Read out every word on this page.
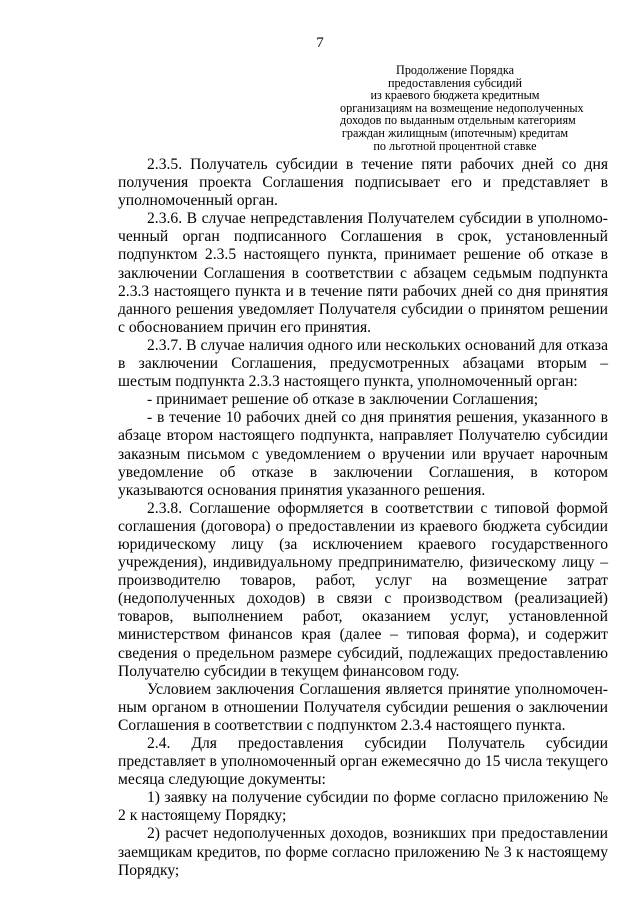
7
Продолжение Порядка
предоставления субсидий
из краевого бюджета кредитным
организациям на возмещение недополученных
доходов по выданным отдельным категориям
граждан жилищным (ипотечным) кредитам
по льготной процентной ставке

2.3.5. Получатель субсидии в течение пяти рабочих дней со дня получения проекта Соглашения подписывает его и представляет в уполномоченный орган.

2.3.6. В случае непредставления Получателем субсидии в уполномоченный орган подписанного Соглашения в срок, установленный подпунктом 2.3.5 настоящего пункта, принимает решение об отказе в заключении Соглашения в соответствии с абзацем седьмым подпункта 2.3.3 настоящего пункта и в течение пяти рабочих дней со дня принятия данного решения уведомляет Получателя субсидии о принятом решении с обоснованием причин его принятия.

2.3.7. В случае наличия одного или нескольких оснований для отказа в заключении Соглашения, предусмотренных абзацами вторым – шестым подпункта 2.3.3 настоящего пункта, уполномоченный орган:

- принимает решение об отказе в заключении Соглашения;

- в течение 10 рабочих дней со дня принятия решения, указанного в абзаце втором настоящего подпункта, направляет Получателю субсидии заказным письмом с уведомлением о вручении или вручает нарочным уведомление об отказе в заключении Соглашения, в котором указываются основания принятия указанного решения.

2.3.8. Соглашение оформляется в соответствии с типовой формой соглашения (договора) о предоставлении из краевого бюджета субсидии юридическому лицу (за исключением краевого государственного учреждения), индивидуальному предпринимателю, физическому лицу – производителю товаров, работ, услуг на возмещение затрат (недополученных доходов) в связи с производством (реализацией) товаров, выполнением работ, оказанием услуг, установленной министерством финансов края (далее – типовая форма), и содержит сведения о предельном размере субсидий, подлежащих предоставлению Получателю субсидии в текущем финансовом году.

Условием заключения Соглашения является принятие уполномоченным органом в отношении Получателя субсидии решения о заключении Соглашения в соответствии с подпунктом 2.3.4 настоящего пункта.

2.4. Для предоставления субсидии Получатель субсидии представляет в уполномоченный орган ежемесячно до 15 числа текущего месяца следующие документы:

1) заявку на получение субсидии по форме согласно приложению № 2 к настоящему Порядку;

2) расчет недополученных доходов, возникших при предоставлении заемщикам кредитов, по форме согласно приложению № 3 к настоящему Порядку;
